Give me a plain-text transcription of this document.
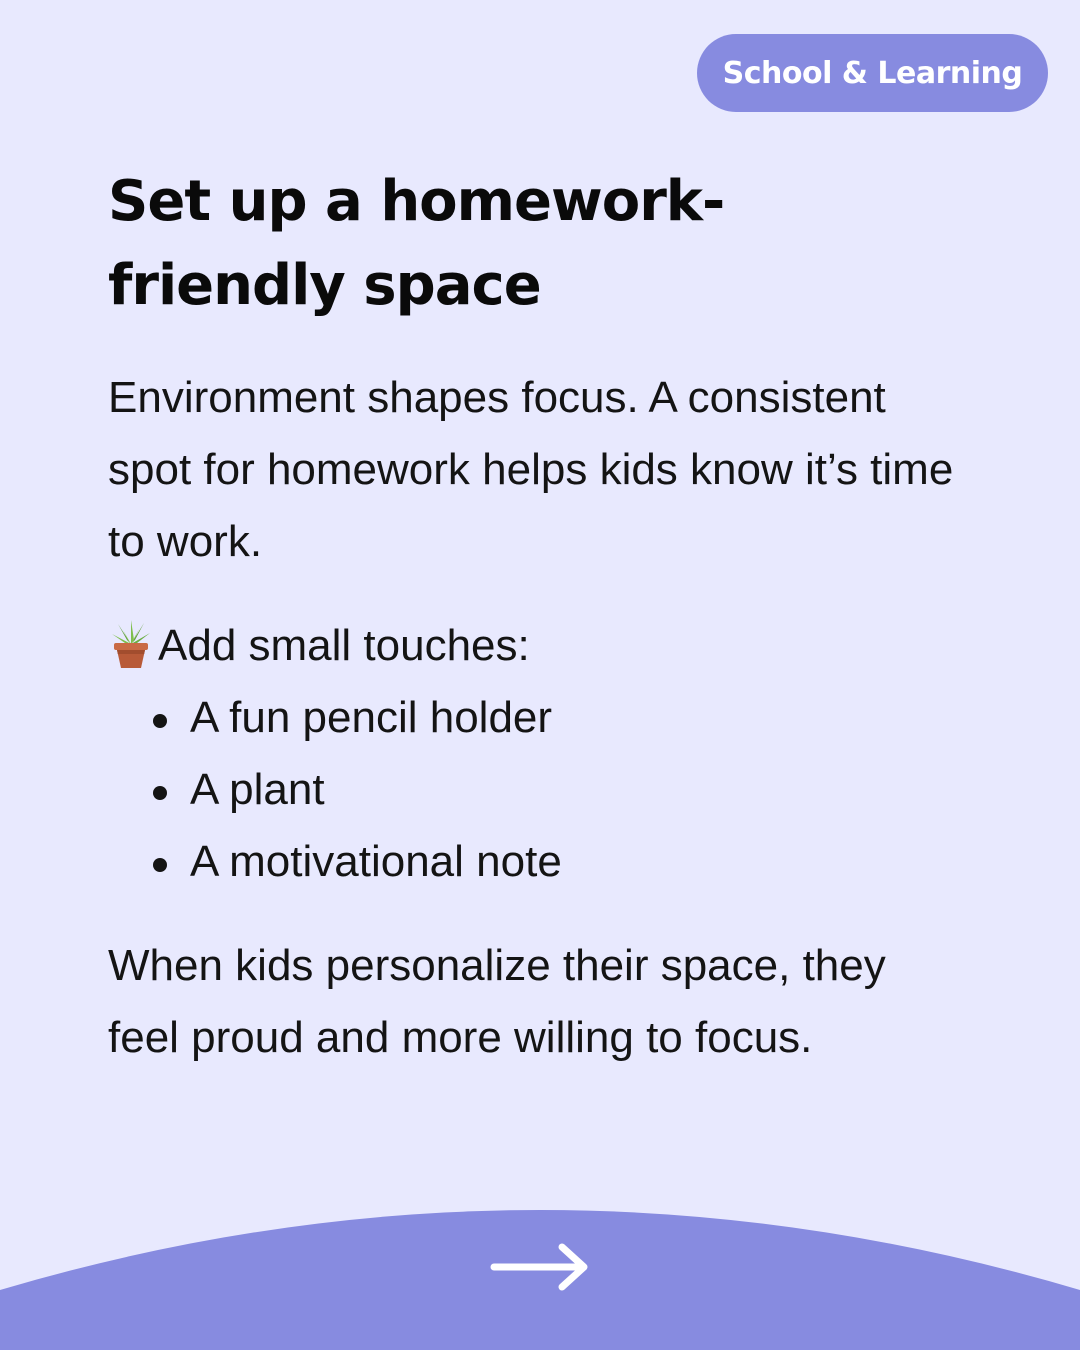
School & Learning
Set up a homework-
friendly space

Environment shapes focus. A consistent spot for homework helps kids know it’s time to work.

Add small touches:
A fun pencil holder
A plant
A motivational note

When kids personalize their space, they feel proud and more willing to focus.
